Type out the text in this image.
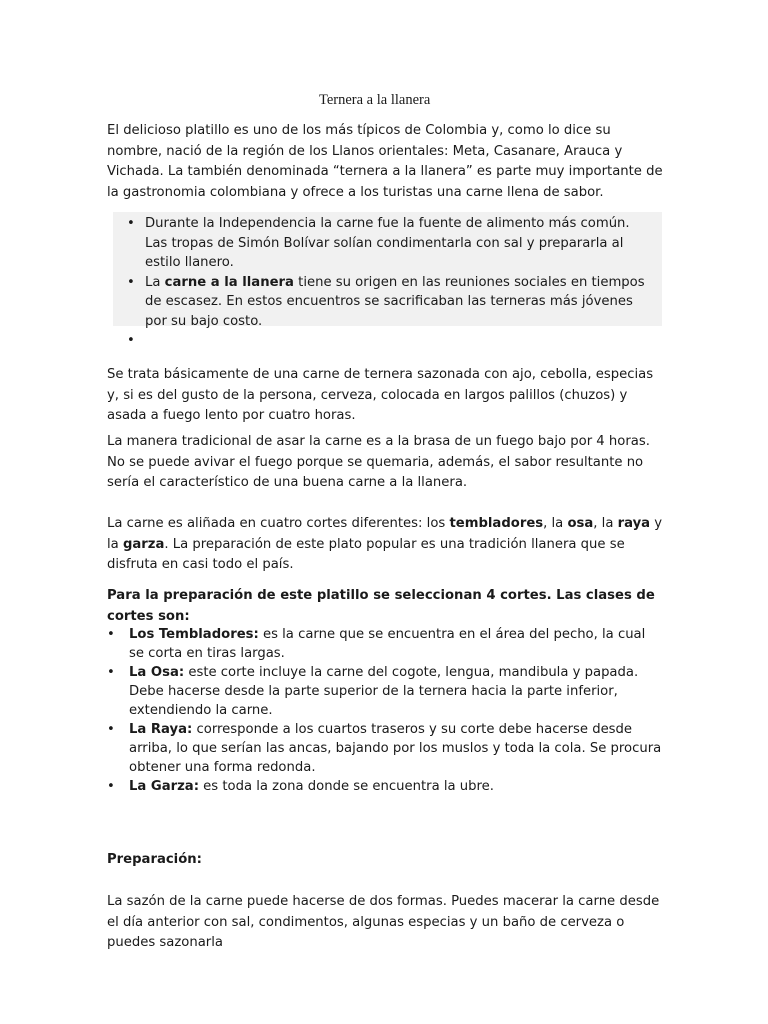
Ternera a la llanera

El delicioso platillo es uno de los más típicos de Colombia y, como lo dice su nombre, nació de la región de los Llanos orientales: Meta, Casanare, Arauca y Vichada. La también denominada “ternera a la llanera” es parte muy importante de la gastronomia colombiana y ofrece a los turistas una carne llena de sabor.

• Durante la Independencia la carne fue la fuente de alimento más común. Las tropas de Simón Bolívar solían condimentarla con sal y prepararla al estilo llanero.
• La carne a la llanera tiene su origen en las reuniones sociales en tiempos de escasez. En estos encuentros se sacrificaban las terneras más jóvenes por su bajo costo.
•

Se trata básicamente de una carne de ternera sazonada con ajo, cebolla, especias y, si es del gusto de la persona, cerveza, colocada en largos palillos (chuzos) y asada a fuego lento por cuatro horas.

La manera tradicional de asar la carne es a la brasa de un fuego bajo por 4 horas. No se puede avivar el fuego porque se quemaria, además, el sabor resultante no sería el característico de una buena carne a la llanera.

La carne es aliñada en cuatro cortes diferentes: los tembladores, la osa, la raya y la garza. La preparación de este plato popular es una tradición llanera que se disfruta en casi todo el país.

Para la preparación de este platillo se seleccionan 4 cortes. Las clases de cortes son:

• Los Tembladores: es la carne que se encuentra en el área del pecho, la cual se corta en tiras largas.
• La Osa: este corte incluye la carne del cogote, lengua, mandibula y papada. Debe hacerse desde la parte superior de la ternera hacia la parte inferior, extendiendo la carne.
• La Raya: corresponde a los cuartos traseros y su corte debe hacerse desde arriba, lo que serían las ancas, bajando por los muslos y toda la cola. Se procura obtener una forma redonda.
• La Garza: es toda la zona donde se encuentra la ubre.

Preparación:

La sazón de la carne puede hacerse de dos formas. Puedes macerar la carne desde el día anterior con sal, condimentos, algunas especias y un baño de cerveza o puedes sazonarla
